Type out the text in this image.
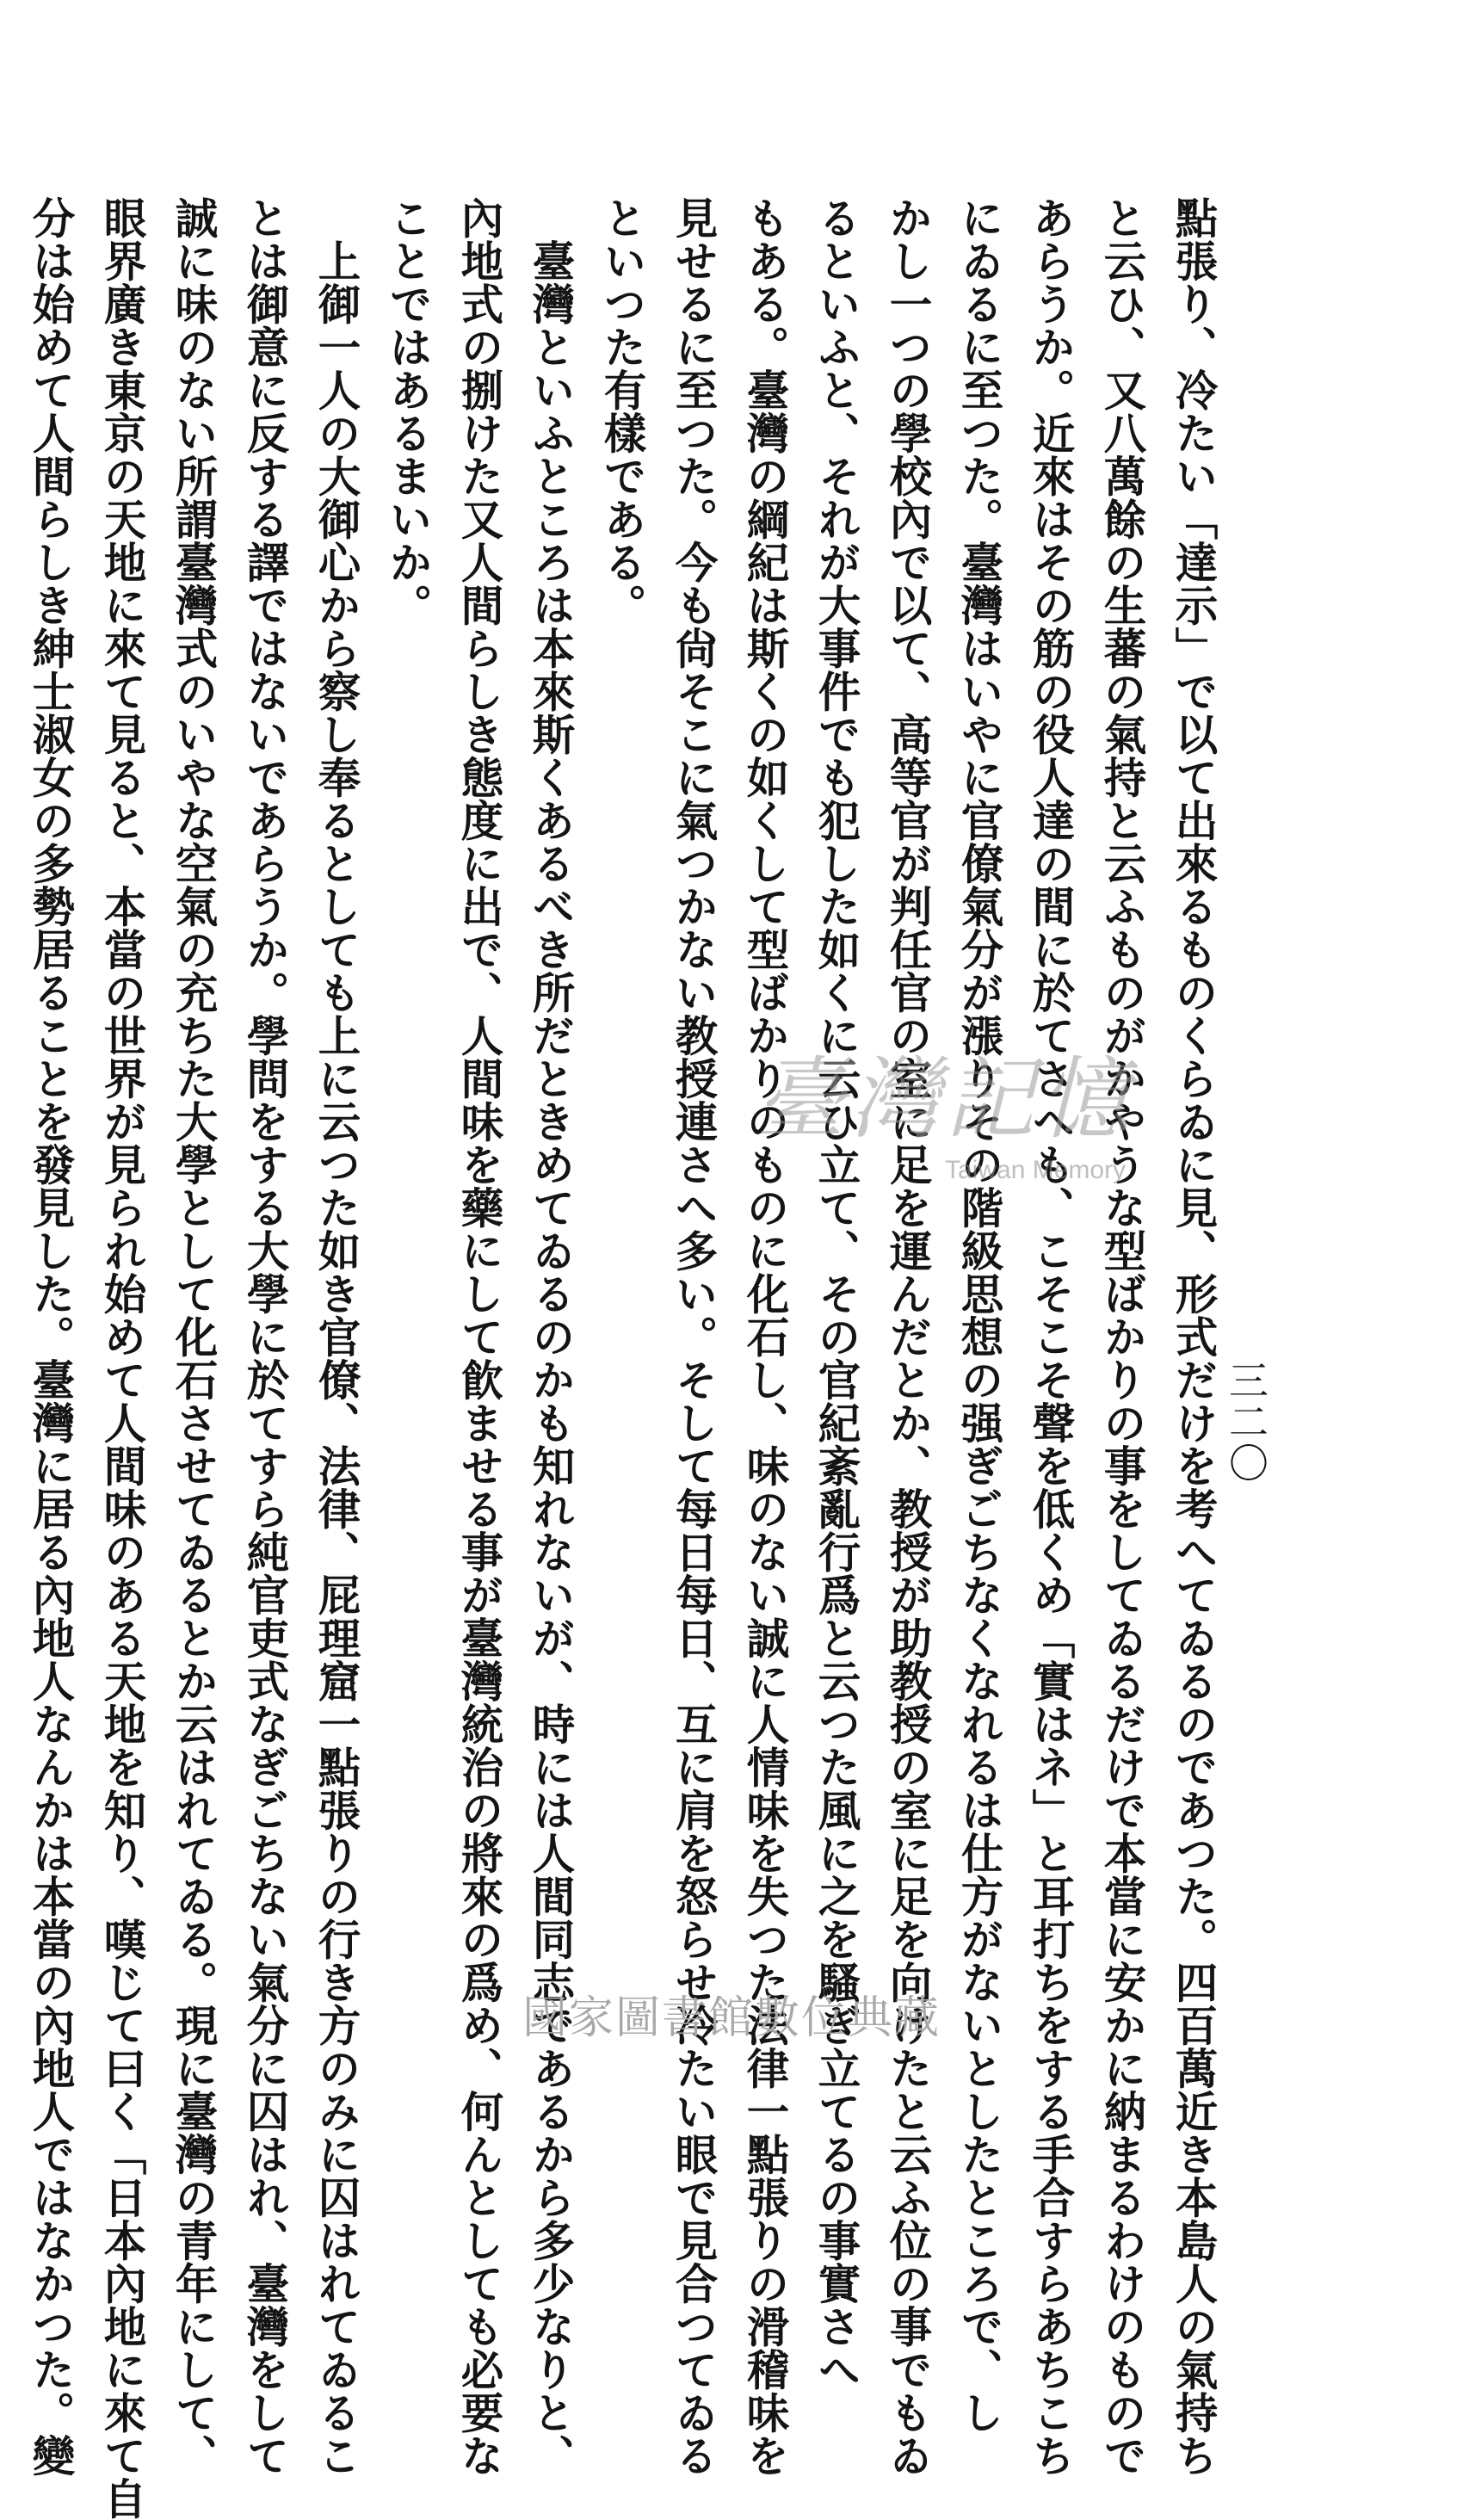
三二〇
點張り、冷たい「達示」で以て出來るものくらゐに見、形式だけを考へてゐるのであつた。四百萬近き本島人の氣持ち
と云ひ、又八萬餘の生蕃の氣持と云ふものがかやうな型ばかりの事をしてゐるだけで本當に安かに納まるわけのもので
あらうか。近來はその筋の役人達の間に於てさへも、こそこそ聲を低くめ「實はネ」と耳打ちをする手合すらあちこち
にゐるに至つた。臺灣はいやに官僚氣分が漲りその階級思想の强ぎごちなくなれるは仕方がないとしたところで、し
かし一つの學校內で以て、高等官が判任官の室に足を運んだとか、教授が助教授の室に足を向けたと云ふ位の事でもゐ
るといふと、それが大事件でも犯した如くに云ひ立て、その官紀紊亂行爲と云つた風に之を騷ぎ立てるの事實さへ
もある。臺灣の綱紀は斯くの如くして型ばかりのものに化石し、味のない誠に人情味を失つた法律一點張りの滑稽味を
見せるに至つた。今も尙そこに氣つかない教授連さへ多い。そして每日每日、互に肩を怒らせ冷たい眼で見合つてゐる
といつた有樣である。
　臺灣といふところは本來斯くあるべき所だときめてゐるのかも知れないが、時には人間同志であるから多少なりと、
內地式の捌けた又人間らしき態度に出で、人間味を藥にして飮ませる事が臺灣統治の將來の爲め、何んとしても必要な
ことではあるまいか。
　上御一人の大御心から察し奉るとしても上に云つた如き官僚、法律、屁理窟一點張りの行き方のみに囚はれてゐるこ
とは御意に反する譯ではないであらうか。學問をする大學に於てすら純官吏式なぎごちない氣分に囚はれ、臺灣をして
誠に味のない所謂臺灣式のいやな空氣の充ちた大學として化石させてゐるとか云はれてゐる。現に臺灣の青年にして、
眼界廣き東京の天地に來て見ると、本當の世界が見られ始めて人間味のある天地を知り、嘆じて曰く「日本內地に來て自
分は始めて人間らしき紳士淑女の多勢居ることを發見した。臺灣に居る內地人なんかは本當の內地人ではなかつた。變	臺灣記憶
Taiwan Memory
國家圖書館數位典藏
